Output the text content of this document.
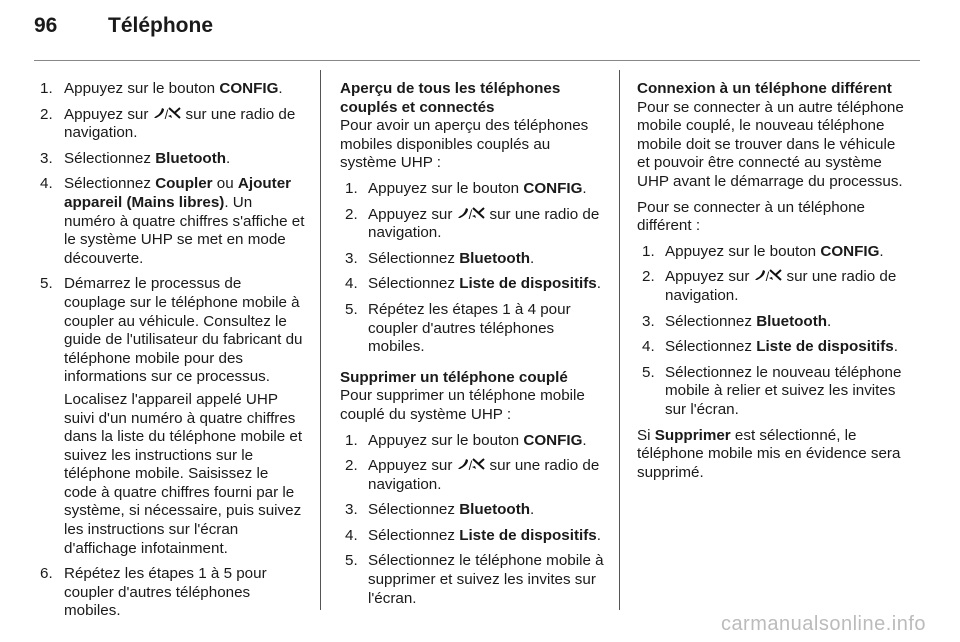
96	Téléphone
1. Appuyez sur le bouton CONFIG.
2. Appuyez sur / sur une radio de navigation.
3. Sélectionnez Bluetooth.
4. Sélectionnez Coupler ou Ajouter appareil (Mains libres). Un numéro à quatre chiffres s'affiche et le système UHP se met en mode découverte.
5. Démarrez le processus de couplage sur le téléphone mobile à coupler au véhicule. Consultez le guide de l'utilisateur du fabricant du téléphone mobile pour des informations sur ce processus.

Localisez l'appareil appelé UHP suivi d'un numéro à quatre chiffres dans la liste du téléphone mobile et suivez les instructions sur le téléphone mobile. Saisissez le code à quatre chiffres fourni par le système, si nécessaire, puis suivez les instructions sur l'écran d'affichage infotainment.

6. Répétez les étapes 1 à 5 pour coupler d'autres téléphones mobiles.
Aperçu de tous les téléphones couplés et connectés

Pour avoir un aperçu des téléphones mobiles disponibles couplés au système UHP :

1. Appuyez sur le bouton CONFIG.
2. Appuyez sur / sur une radio de navigation.
3. Sélectionnez Bluetooth.
4. Sélectionnez Liste de dispositifs.
5. Répétez les étapes 1 à 4 pour coupler d'autres téléphones mobiles.
Supprimer un téléphone couplé

Pour supprimer un téléphone mobile couplé du système UHP :

1. Appuyez sur le bouton CONFIG.
2. Appuyez sur / sur une radio de navigation.
3. Sélectionnez Bluetooth.
4. Sélectionnez Liste de dispositifs.
5. Sélectionnez le téléphone mobile à supprimer et suivez les invites sur l'écran.
Connexion à un téléphone différent

Pour se connecter à un autre téléphone mobile couplé, le nouveau téléphone mobile doit se trouver dans le véhicule et pouvoir être connecté au système UHP avant le démarrage du processus.

Pour se connecter à un téléphone différent :

1. Appuyez sur le bouton CONFIG.
2. Appuyez sur / sur une radio de navigation.
3. Sélectionnez Bluetooth.
4. Sélectionnez Liste de dispositifs.
5. Sélectionnez le nouveau téléphone mobile à relier et suivez les invites sur l'écran.

Si Supprimer est sélectionné, le téléphone mobile mis en évidence sera supprimé.

carmanualsonline.info
